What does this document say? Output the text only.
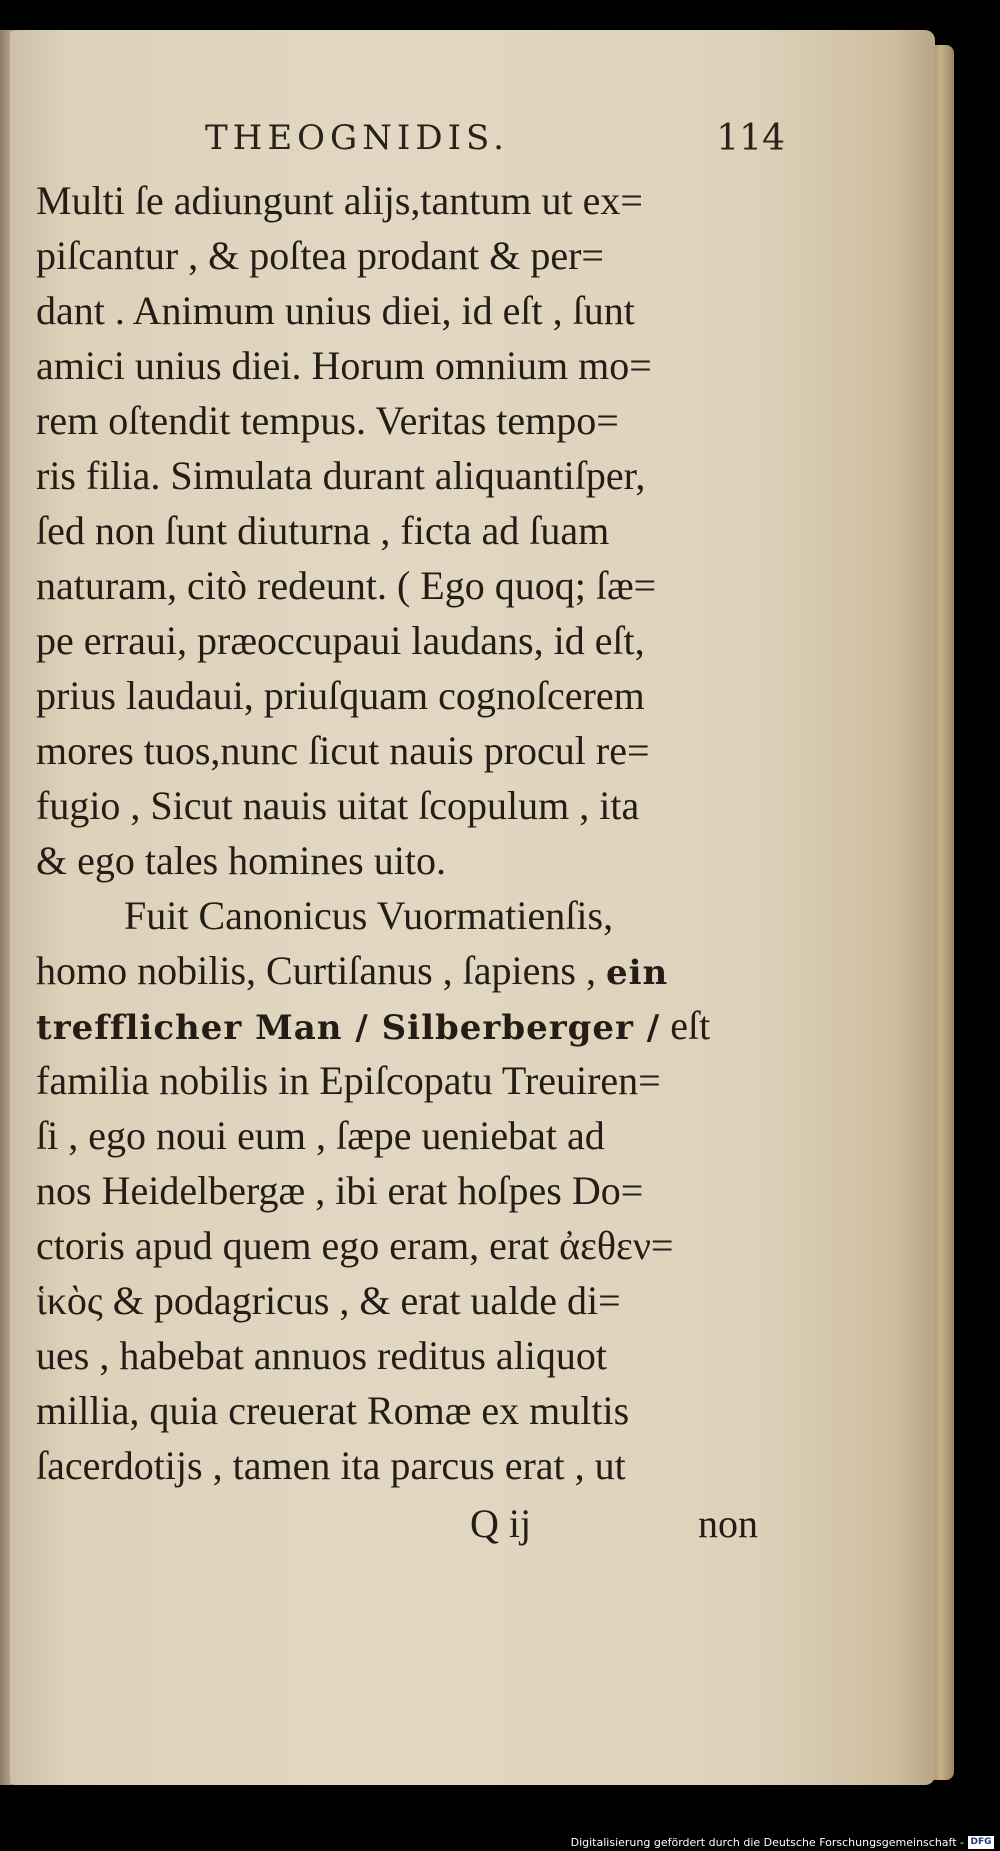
THEOGNIDIS.	114
Multi ſe adiungunt alijs,tantum ut ex=
piſcantur , & poſtea prodant & per=
dant . Animum unius diei, id eſt , ſunt
amici unius diei. Horum omnium mo=
rem oſtendit tempus. Veritas tempo=
ris filia. Simulata durant aliquantiſper,
ſed non ſunt diuturna , ficta ad ſuam
naturam, citò redeunt. ( Ego quoq; ſæ=
pe erraui, præoccupaui laudans, id eſt,
prius laudaui, priuſquam cognoſcerem
mores tuos,nunc ſicut nauis procul re=
fugio , Sicut nauis uitat ſcopulum , ita
& ego tales homines uito.
Fuit Canonicus Vuormatienſis,
homo nobilis, Curtiſanus , ſapiens , ein
trefflicher Man / Silberberger / eſt
familia nobilis in Epiſcopatu Treuiren=
ſi , ego noui eum , ſæpe ueniebat ad
nos Heidelbergæ , ibi erat hoſpes Do=
ctoris apud quem ego eram, erat ἀεθεν=
ἱκὸς & podagricus , & erat ualde di=
ues , habebat annuos reditus aliquot
millia, quia creuerat Romæ ex multis
ſacerdotijs , tamen ita parcus erat , ut
Q ij	non
Digitalisierung gefördert durch die Deutsche Forschungsgemeinschaft - DFG
